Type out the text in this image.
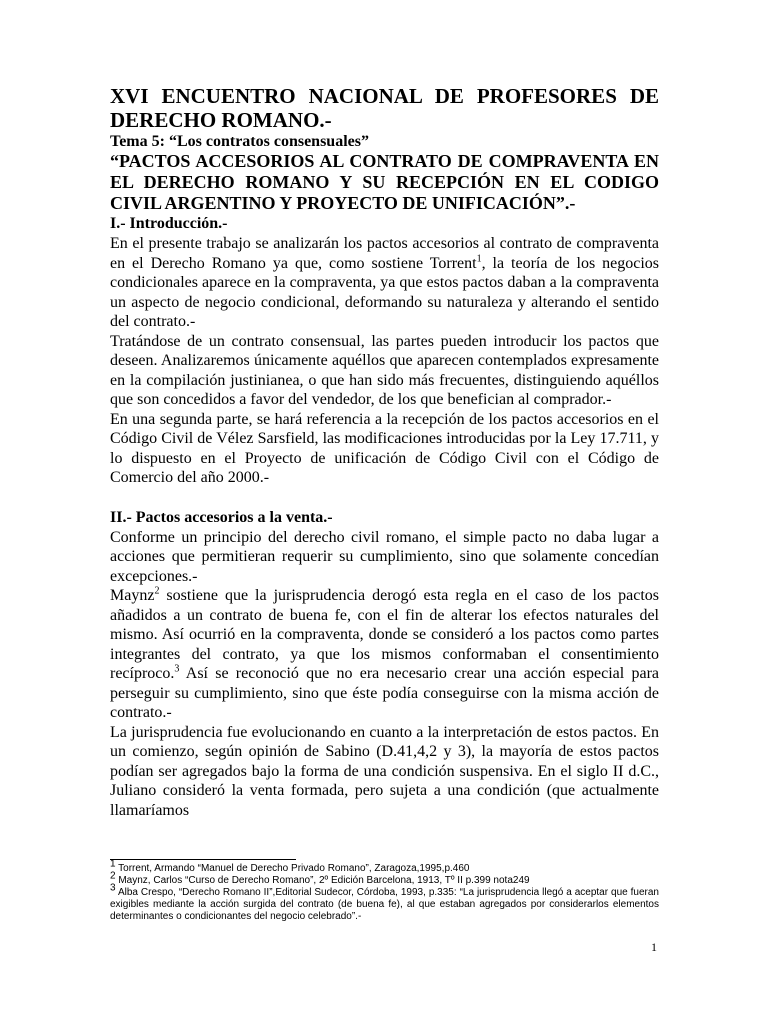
XVI ENCUENTRO NACIONAL DE PROFESORES DE DERECHO ROMANO.-

Tema 5: “Los contratos consensuales”

“PACTOS ACCESORIOS AL CONTRATO DE COMPRAVENTA EN EL DERECHO ROMANO Y SU RECEPCIÓN EN EL CODIGO CIVIL ARGENTINO Y PROYECTO DE UNIFICACIÓN”.-

I.- Introducción.-

En el presente trabajo se analizarán los pactos accesorios al contrato de compraventa en el Derecho Romano ya que, como sostiene Torrent$^1$, la teoría de los negocios condicionales aparece en la compraventa, ya que estos pactos daban a la compraventa un aspecto de negocio condicional, deformando su naturaleza y alterando el sentido del contrato.-

Tratándose de un contrato consensual, las partes pueden introducir los pactos que deseen. Analizaremos únicamente aquéllos que aparecen contemplados expresamente en la compilación justinianea, o que han sido más frecuentes, distinguiendo aquéllos que son concedidos a favor del vendedor, de los que benefician al comprador.-

En una segunda parte, se hará referencia a la recepción de los pactos accesorios en el Código Civil de Vélez Sarsfield, las modificaciones introducidas por la Ley 17.711, y lo dispuesto en el Proyecto de unificación de Código Civil con el Código de Comercio del año 2000.-

II.- Pactos accesorios a la venta.-

Conforme un principio del derecho civil romano, el simple pacto no daba lugar a acciones que permitieran requerir su cumplimiento, sino que solamente concedían excepciones.-

Maynz$^2$ sostiene que la jurisprudencia derogó esta regla en el caso de los pactos añadidos a un contrato de buena fe, con el fin de alterar los efectos naturales del mismo. Así ocurrió en la compraventa, donde se consideró a los pactos como partes integrantes del contrato, ya que los mismos conformaban el consentimiento recíproco.$^3$ Así se reconoció que no era necesario crear una acción especial para perseguir su cumplimiento, sino que éste podía conseguirse con la misma acción de contrato.-

La jurisprudencia fue evolucionando en cuanto a la interpretación de estos pactos. En un comienzo, según opinión de Sabino (D.41,4,2 y 3), la mayoría de estos pactos podían ser agregados bajo la forma de una condición suspensiva. En el siglo II d.C., Juliano consideró la venta formada, pero sujeta a una condición (que actualmente llamaríamos

$^1$ Torrent, Armando “Manuel de Derecho Privado Romano”, Zaragoza,1995,p.460

$^2$ Maynz, Carlos “Curso de Derecho Romano”, 2º Edición Barcelona, 1913, Tº II p.399 nota249

$^3$ Alba Crespo, “Derecho Romano II”,Editorial Sudecor, Córdoba, 1993, p.335: “La jurisprudencia llegó a aceptar que fueran exigibles mediante la acción surgida del contrato (de buena fe), al que estaban agregados por considerarlos elementos determinantes o condicionantes del negocio celebrado”.-

1
